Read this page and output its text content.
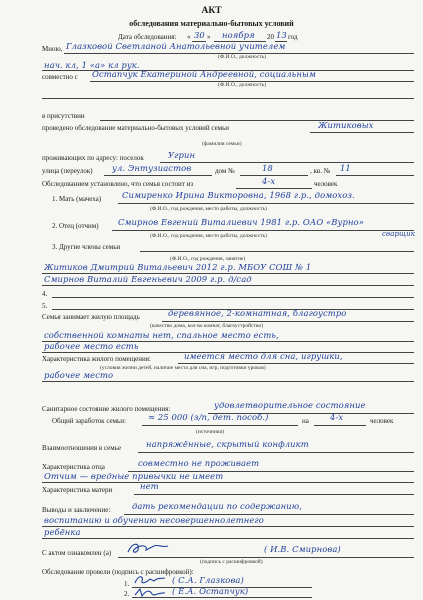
АКТ
обследования материально-бытовых условий
Дата обследования: « 30 » ноября 20 13 год
Мною, Глазковой Светланой Анатольевной учителем
(Ф.И.О., должность)
нач. кл, 1 «а» кл рук.
совместно с Остапчук Екатериной Андреевной, социальным
(Ф.И.О., должность)
в присутствии
проведено обследование материально-бытовых условий семьи	Житиковых
(фамилия семьи)
проживающих по адресу: поселок	Угрин
улица (переулок) ул. Энтузиастов	дом №	18	, кв. № 11
Обследованием установлено, что семья состоит из	4-х	человек
1. Мать (мачеха) Симиренко Ирина Викторовна, 1968 г.р., домохоз.
(Ф.И.О., год рождения, место работы, должность)
2. Отец (отчим) Смирнов Евгений Виталиевич 1981 г.р. ОАО «Вурно»
сварщик
(Ф.И.О., год рождения, место работы, должность)
3. Другие члены семьи
(Ф.И.О., год рождения, занятие)
Житиков Дмитрий Витальевич 2012 г.р. МБОУ СОШ № 1
Смирнов Виталий Евгеньевич 2009 г.р. д/сад
4.
5.
Семья занимает жилую площадь	деревянное, 2-комнатная, благоустро
(качество дома, кол-во комнат, благоустройство)
собственной комнаты нет, спальное место есть,
рабочее место есть
Характеристика жилого помещения:	имеется место для сна, игрушки,
(условия жизни детей, наличие места для сна, игр, подготовки уроков)
рабочее место
Санитарное состояние жилого помещения:	удовлетворительное состояние
Общий заработок семьи:	≈ 25 000 (з/п, дет. пособ.)	на	4-х	человек
(источники)
Взаимоотношения в семье	напряжённые, скрытый конфликт
Характеристика отца	совместно не проживает
Отчим — вредные привычки не имеет
Характеристика матери	нет
Выводы и заключение:	дать рекомендации по содержанию,
воспитанию и обучению несовершеннолетнего
ребёнка
С актом ознакомлен (а)	( И.В. Смирнова)
(подпись с расшифровкой)
Обследование провели (подпись с расшифровкой):
1.	( С.А. Глазкова)
2.	( Е.А. Остапчук)
